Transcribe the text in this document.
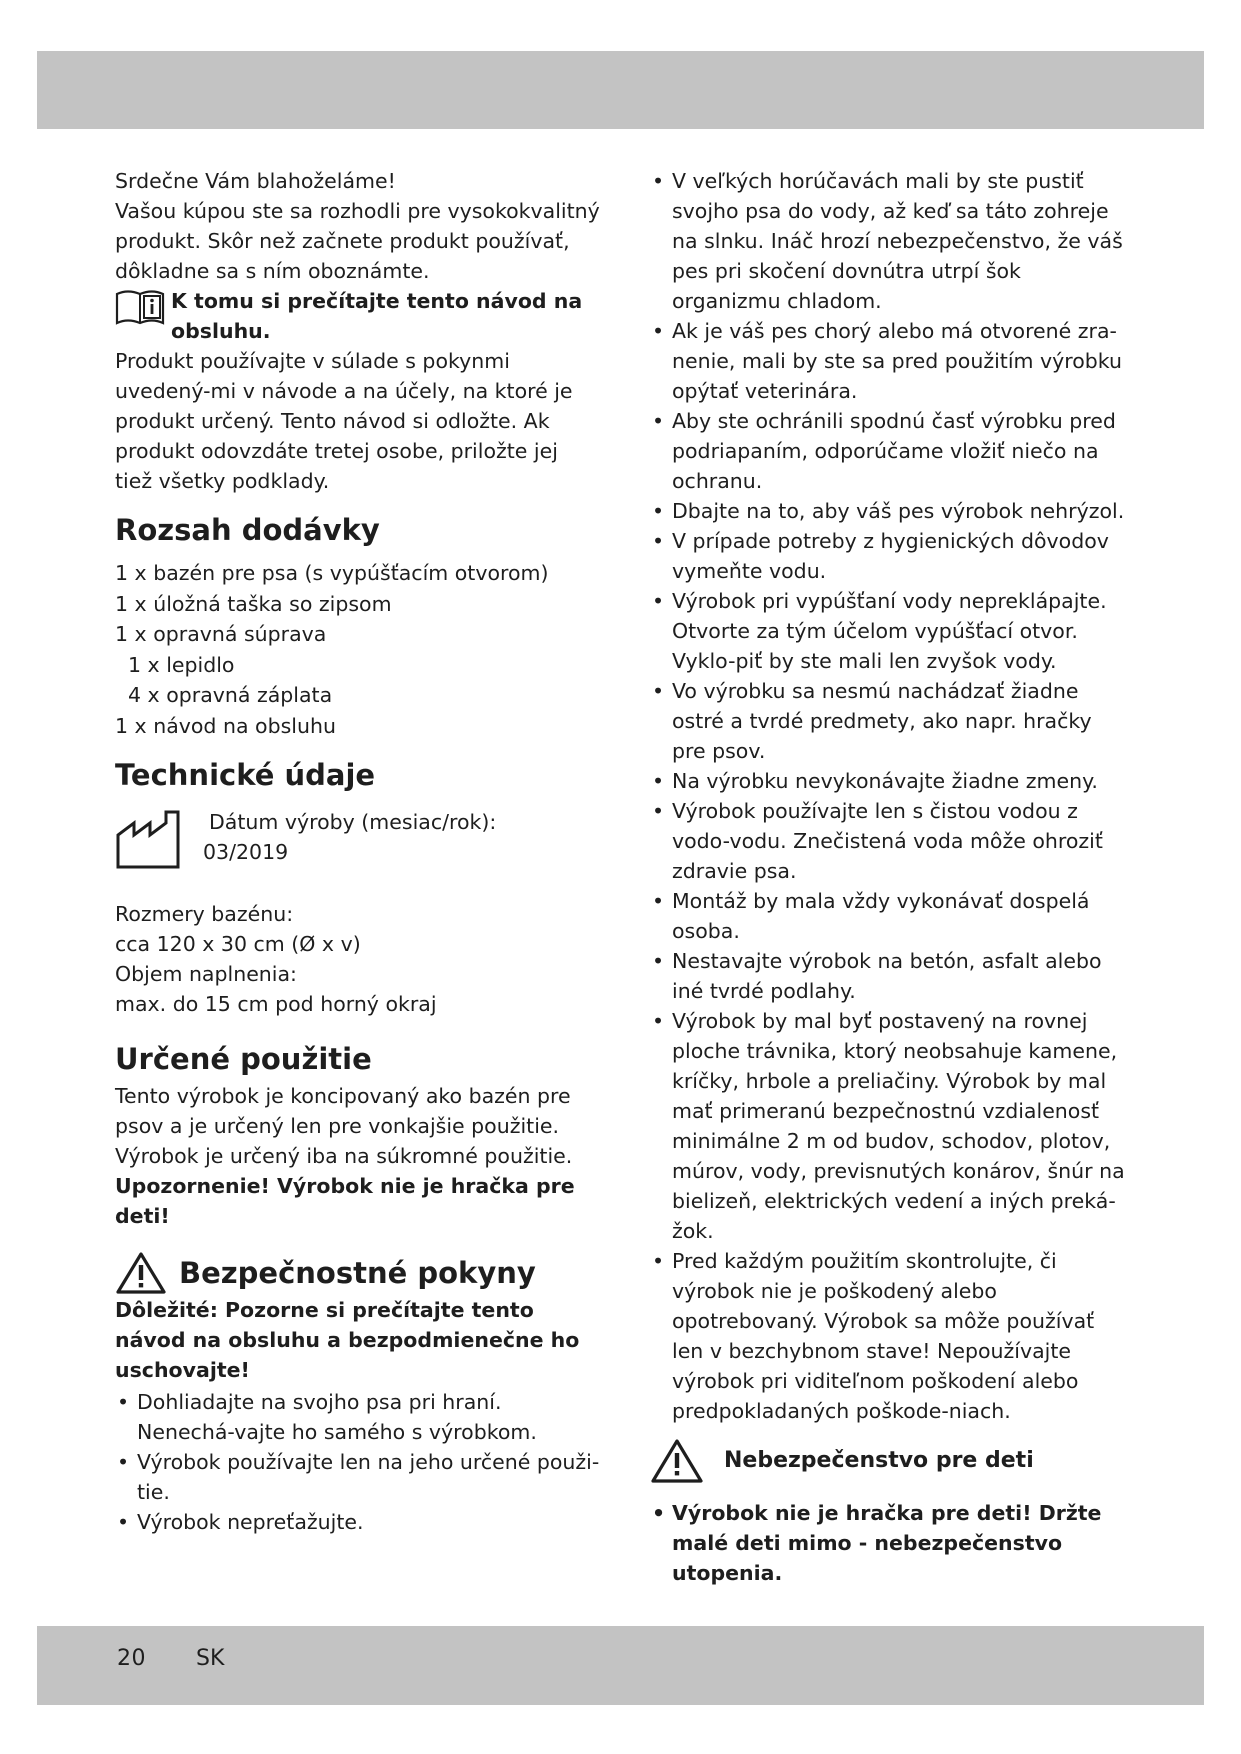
Srdečne Vám blahoželáme!

Vašou kúpou ste sa rozhodli pre vysokokvalitný produkt. Skôr než začnete produkt používať, dôkladne sa s ním oboznámte.

K tomu si prečítajte tento návod na obsluhu.

Produkt používajte v súlade s pokynmi uvedený-mi v návode a na účely, na ktoré je produkt určený. Tento návod si odložte. Ak produkt odovzdáte tretej osobe, priložte jej tiež všetky podklady.

Rozsah dodávky
1 x bazén pre psa (s vypúšťacím otvorom)
1 x úložná taška so zipsom
1 x opravná súprava
1 x lepidlo
4 x opravná záplata
1 x návod na obsluhu
Technické údaje

Dátum výroby (mesiac/rok):

03/2019

Rozmery bazénu:

cca 120 x 30 cm (Ø x v)

Objem naplnenia:

max. do 15 cm pod horný okraj

Určené použitie

Tento výrobok je koncipovaný ako bazén pre psov a je určený len pre vonkajšie použitie. Výrobok je určený iba na súkromné použitie.

Upozornenie! Výrobok nie je hračka pre deti!

Bezpečnostné pokyny

Dôležité: Pozorne si prečítajte tento návod na obsluhu a bezpodmienečne ho uschovajte!

• Dohliadajte na svojho psa pri hraní. Nenechá-vajte ho samého s výrobkom.
• Výrobok používajte len na jeho určené použi-tie.
• Výrobok nepreťažujte.
• V veľkých horúčavách mali by ste pustiť svojho psa do vody, až keď sa táto zohreje na slnku. Ináč hrozí nebezpečenstvo, že váš pes pri skočení dovnútra utrpí šok organizmu chladom.
• Ak je váš pes chorý alebo má otvorené zra-nenie, mali by ste sa pred použitím výrobku opýtať veterinára.
• Aby ste ochránili spodnú časť výrobku pred podriapaním, odporúčame vložiť niečo na ochranu.
• Dbajte na to, aby váš pes výrobok nehrýzol.
• V prípade potreby z hygienických dôvodov vymeňte vodu.
• Výrobok pri vypúšťaní vody nepreklápajte. Otvorte za tým účelom vypúšťací otvor. Vyklo-piť by ste mali len zvyšok vody.
• Vo výrobku sa nesmú nachádzať žiadne ostré a tvrdé predmety, ako napr. hračky pre psov.
• Na výrobku nevykonávajte žiadne zmeny.
• Výrobok používajte len s čistou vodou z vodo-vodu. Znečistená voda môže ohroziť zdravie psa.
• Montáž by mala vždy vykonávať dospelá osoba.
• Nestavajte výrobok na betón, asfalt alebo iné tvrdé podlahy.
• Výrobok by mal byť postavený na rovnej ploche trávnika, ktorý neobsahuje kamene, kríčky, hrbole a preliačiny. Výrobok by mal mať primeranú bezpečnostnú vzdialenosť minimálne 2 m od budov, schodov, plotov, múrov, vody, previsnutých konárov, šnúr na bielizeň, elektrických vedení a iných preká-žok.
• Pred každým použitím skontrolujte, či výrobok nie je poškodený alebo opotrebovaný. Výrobok sa môže používať len v bezchybnom stave! Nepoužívajte výrobok pri viditeľnom poškodení alebo predpokladaných poškode-niach.

Nebezpečenstvo pre deti

• Výrobok nie je hračka pre deti! Držte malé deti mimo - nebezpečenstvo utopenia.
20 SK
